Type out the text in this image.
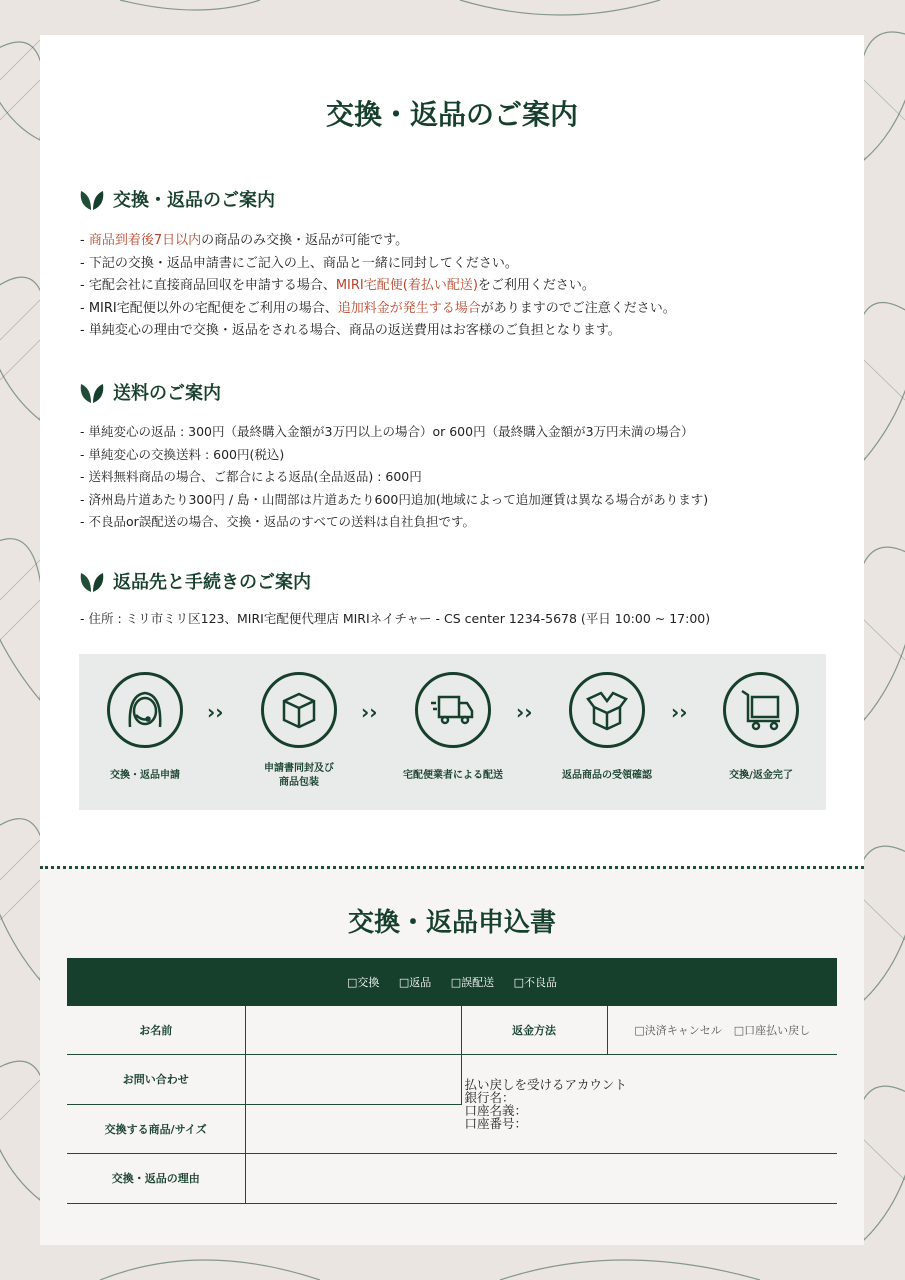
交換・返品のご案内
交換・返品のご案内
- 商品到着後7日以内の商品のみ交換・返品が可能です。
- 下記の交換・返品申請書にご記入の上、商品と一緒に同封してください。
- 宅配会社に直接商品回収を申請する場合、MIRI宅配便(着払い配送)をご利用ください。
- MIRI宅配便以外の宅配便をご利用の場合、追加料金が発生する場合がありますのでご注意ください。
- 単純変心の理由で交換・返品をされる場合、商品の返送費用はお客様のご負担となります。
送料のご案内
- 単純変心の返品 : 300円（最終購入金額が3万円以上の場合）or 600円（最終購入金額が3万円未満の場合）
- 単純変心の交換送料 : 600円(税込)
- 送料無料商品の場合、ご都合による返品(全品返品) : 600円
- 済州島片道あたり300円 / 島・山間部は片道あたり600円追加(地域によって追加運賃は異なる場合があります)
- 不良品or誤配送の場合、交換・返品のすべての送料は自社負担です。
返品先と手続きのご案内
- 住所 : ミリ市ミリ区123、MIRI宅配便代理店 MIRIネイチャー - CS center 1234-5678 (平日 10:00 ~ 17:00)
交換・返品申請
››
申請書同封及び
商品包装
››
宅配便業者による配送
››
返品商品の受領確認
››
交換/返金完了
交換・返品申込書
□交換 □返品 □誤配送 □不良品			
お名前		返金方法	□決済キャンセル □口座払い戻し
お問い合わせ		払い戻しを受けるアカウント
銀行名：
口座名義：
口座番号：	

交換する商品/サイズ			
交換・返品の理由			
